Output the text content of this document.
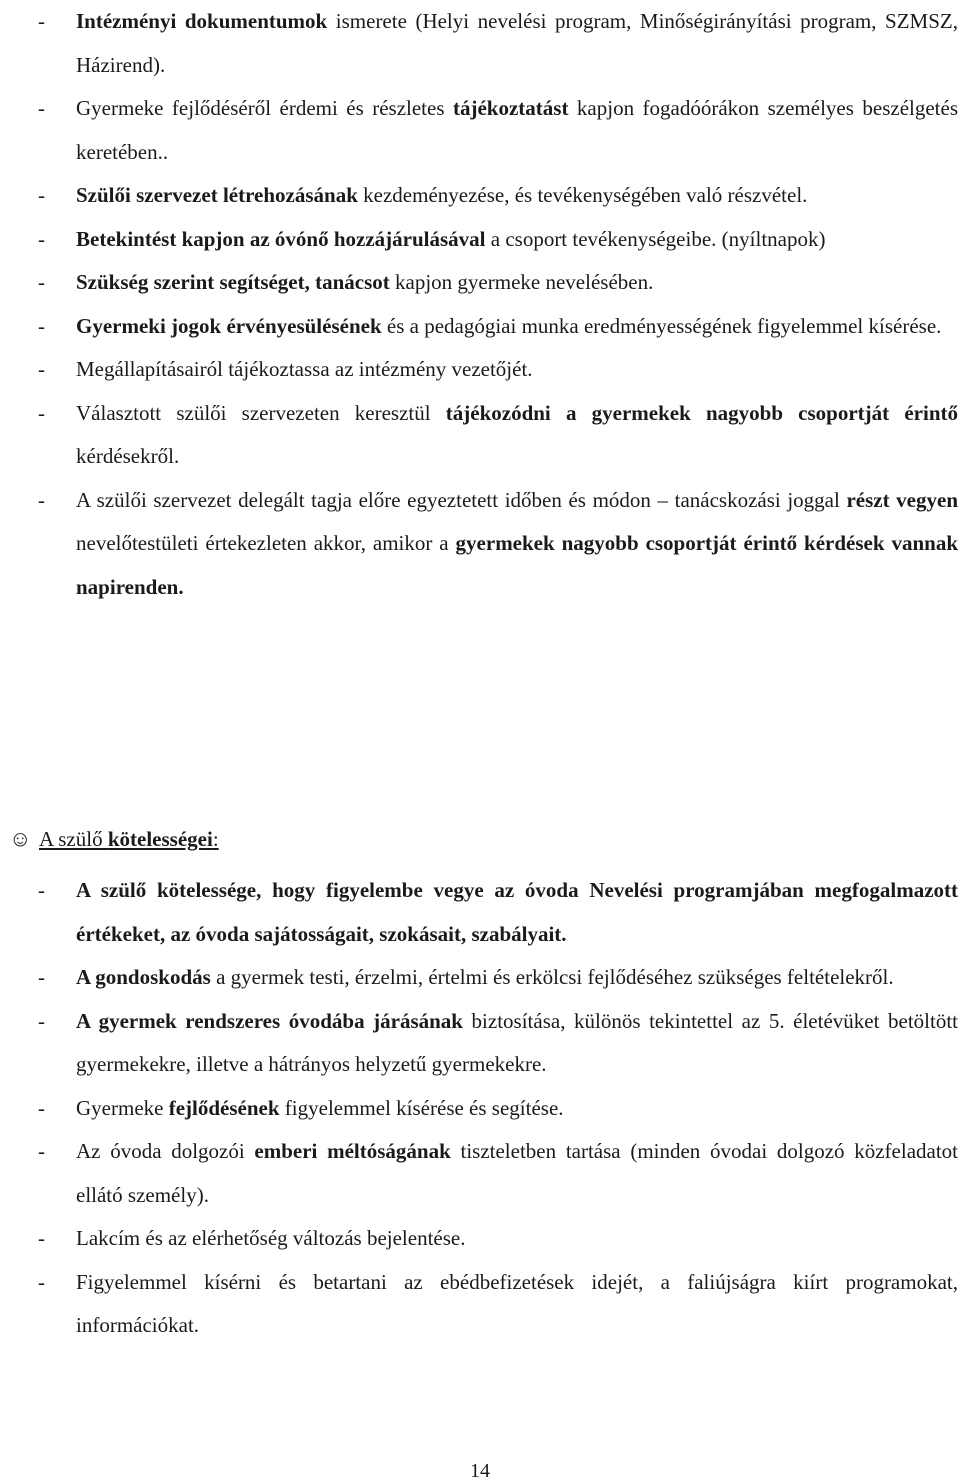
- Intézményi dokumentumok ismerete (Helyi nevelési program, Minőségirányítási program, SZMSZ, Házirend).
- Gyermeke fejlődéséről érdemi és részletes tájékoztatást kapjon fogadóórákon személyes beszélgetés keretében..
- Szülői szervezet létrehozásának kezdeményezése, és tevékenységében való részvétel.
- Betekintést kapjon az óvónő hozzájárulásával a csoport tevékenységeibe. (nyíltnapok)
- Szükség szerint segítséget, tanácsot kapjon gyermeke nevelésében.
- Gyermeki jogok érvényesülésének és a pedagógiai munka eredményességének figyelemmel kísérése.
- Megállapításairól tájékoztassa az intézmény vezetőjét.
- Választott szülői szervezeten keresztül tájékozódni a gyermekek nagyobb csoportját érintő kérdésekről.
- A szülői szervezet delegált tagja előre egyeztetett időben és módon – tanácskozási joggal részt vegyen nevelőtestületi értekezleten akkor, amikor a gyermekek nagyobb csoportját érintő kérdések vannak napirenden.
☺ A szülő kötelességei:
- A szülő kötelessége, hogy figyelembe vegye az óvoda Nevelési programjában megfogalmazott értékeket, az óvoda sajátosságait, szokásait, szabályait.
- A gondoskodás a gyermek testi, érzelmi, értelmi és erkölcsi fejlődéséhez szükséges feltételekről.
- A gyermek rendszeres óvodába járásának biztosítása, különös tekintettel az 5. életévüket betöltött gyermekekre, illetve a hátrányos helyzetű gyermekekre.
- Gyermeke fejlődésének figyelemmel kísérése és segítése.
- Az óvoda dolgozói emberi méltóságának tiszteletben tartása (minden óvodai dolgozó közfeladatot ellátó személy).
- Lakcím és az elérhetőség változás bejelentése.
- Figyelemmel kísérni és betartani az ebédbefizetések idejét, a faliújságra kiírt programokat, információkat.
14
